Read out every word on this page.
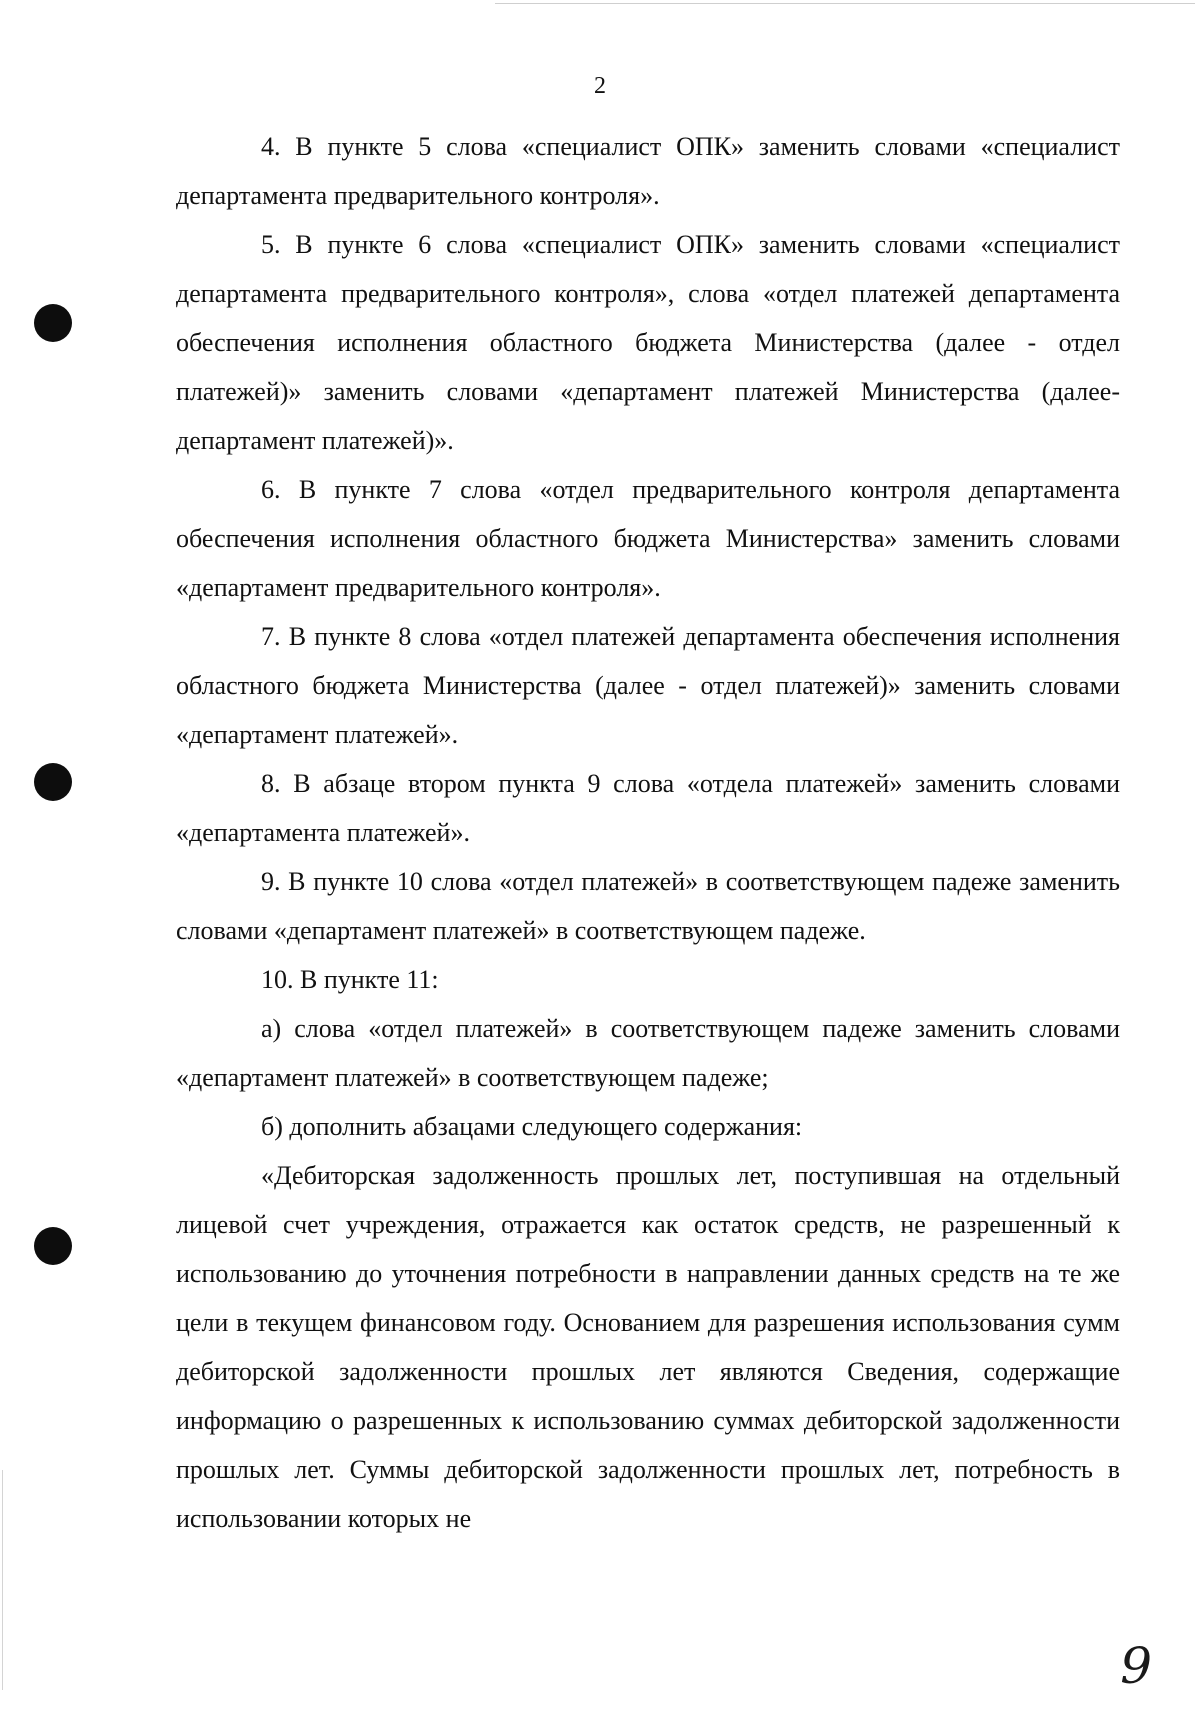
2

4. В пункте 5 слова «специалист ОПК» заменить словами «специалист департамента предварительного контроля».

5. В пункте 6 слова «специалист ОПК» заменить словами «специалист департамента предварительного контроля», слова «отдел платежей департамента обеспечения исполнения областного бюджета Министерства (далее - отдел платежей)» заменить словами «департамент платежей Министерства (далее- департамент платежей)».

6. В пункте 7 слова «отдел предварительного контроля департамента обеспечения исполнения областного бюджета Министерства» заменить словами «департамент предварительного контроля».

7. В пункте 8 слова «отдел платежей департамента обеспечения исполнения областного бюджета Министерства (далее - отдел платежей)» заменить словами «департамент платежей».

8. В абзаце втором пункта 9 слова «отдела платежей» заменить словами «департамента платежей».

9. В пункте 10 слова «отдел платежей» в соответствующем падеже заменить словами «департамент платежей» в соответствующем падеже.

10. В пункте 11:

а) слова «отдел платежей» в соответствующем падеже заменить словами «департамент платежей» в соответствующем падеже;

б) дополнить абзацами следующего содержания:

«Дебиторская задолженность прошлых лет, поступившая на отдельный лицевой счет учреждения, отражается как остаток средств, не разрешенный к использованию до уточнения потребности в направлении данных средств на те же цели в текущем финансовом году. Основанием для разрешения использования сумм дебиторской задолженности прошлых лет являются Сведения, содержащие информацию о разрешенных к использованию суммах дебиторской задолженности прошлых лет. Суммы дебиторской задолженности прошлых лет, потребность в использовании которых не

9
